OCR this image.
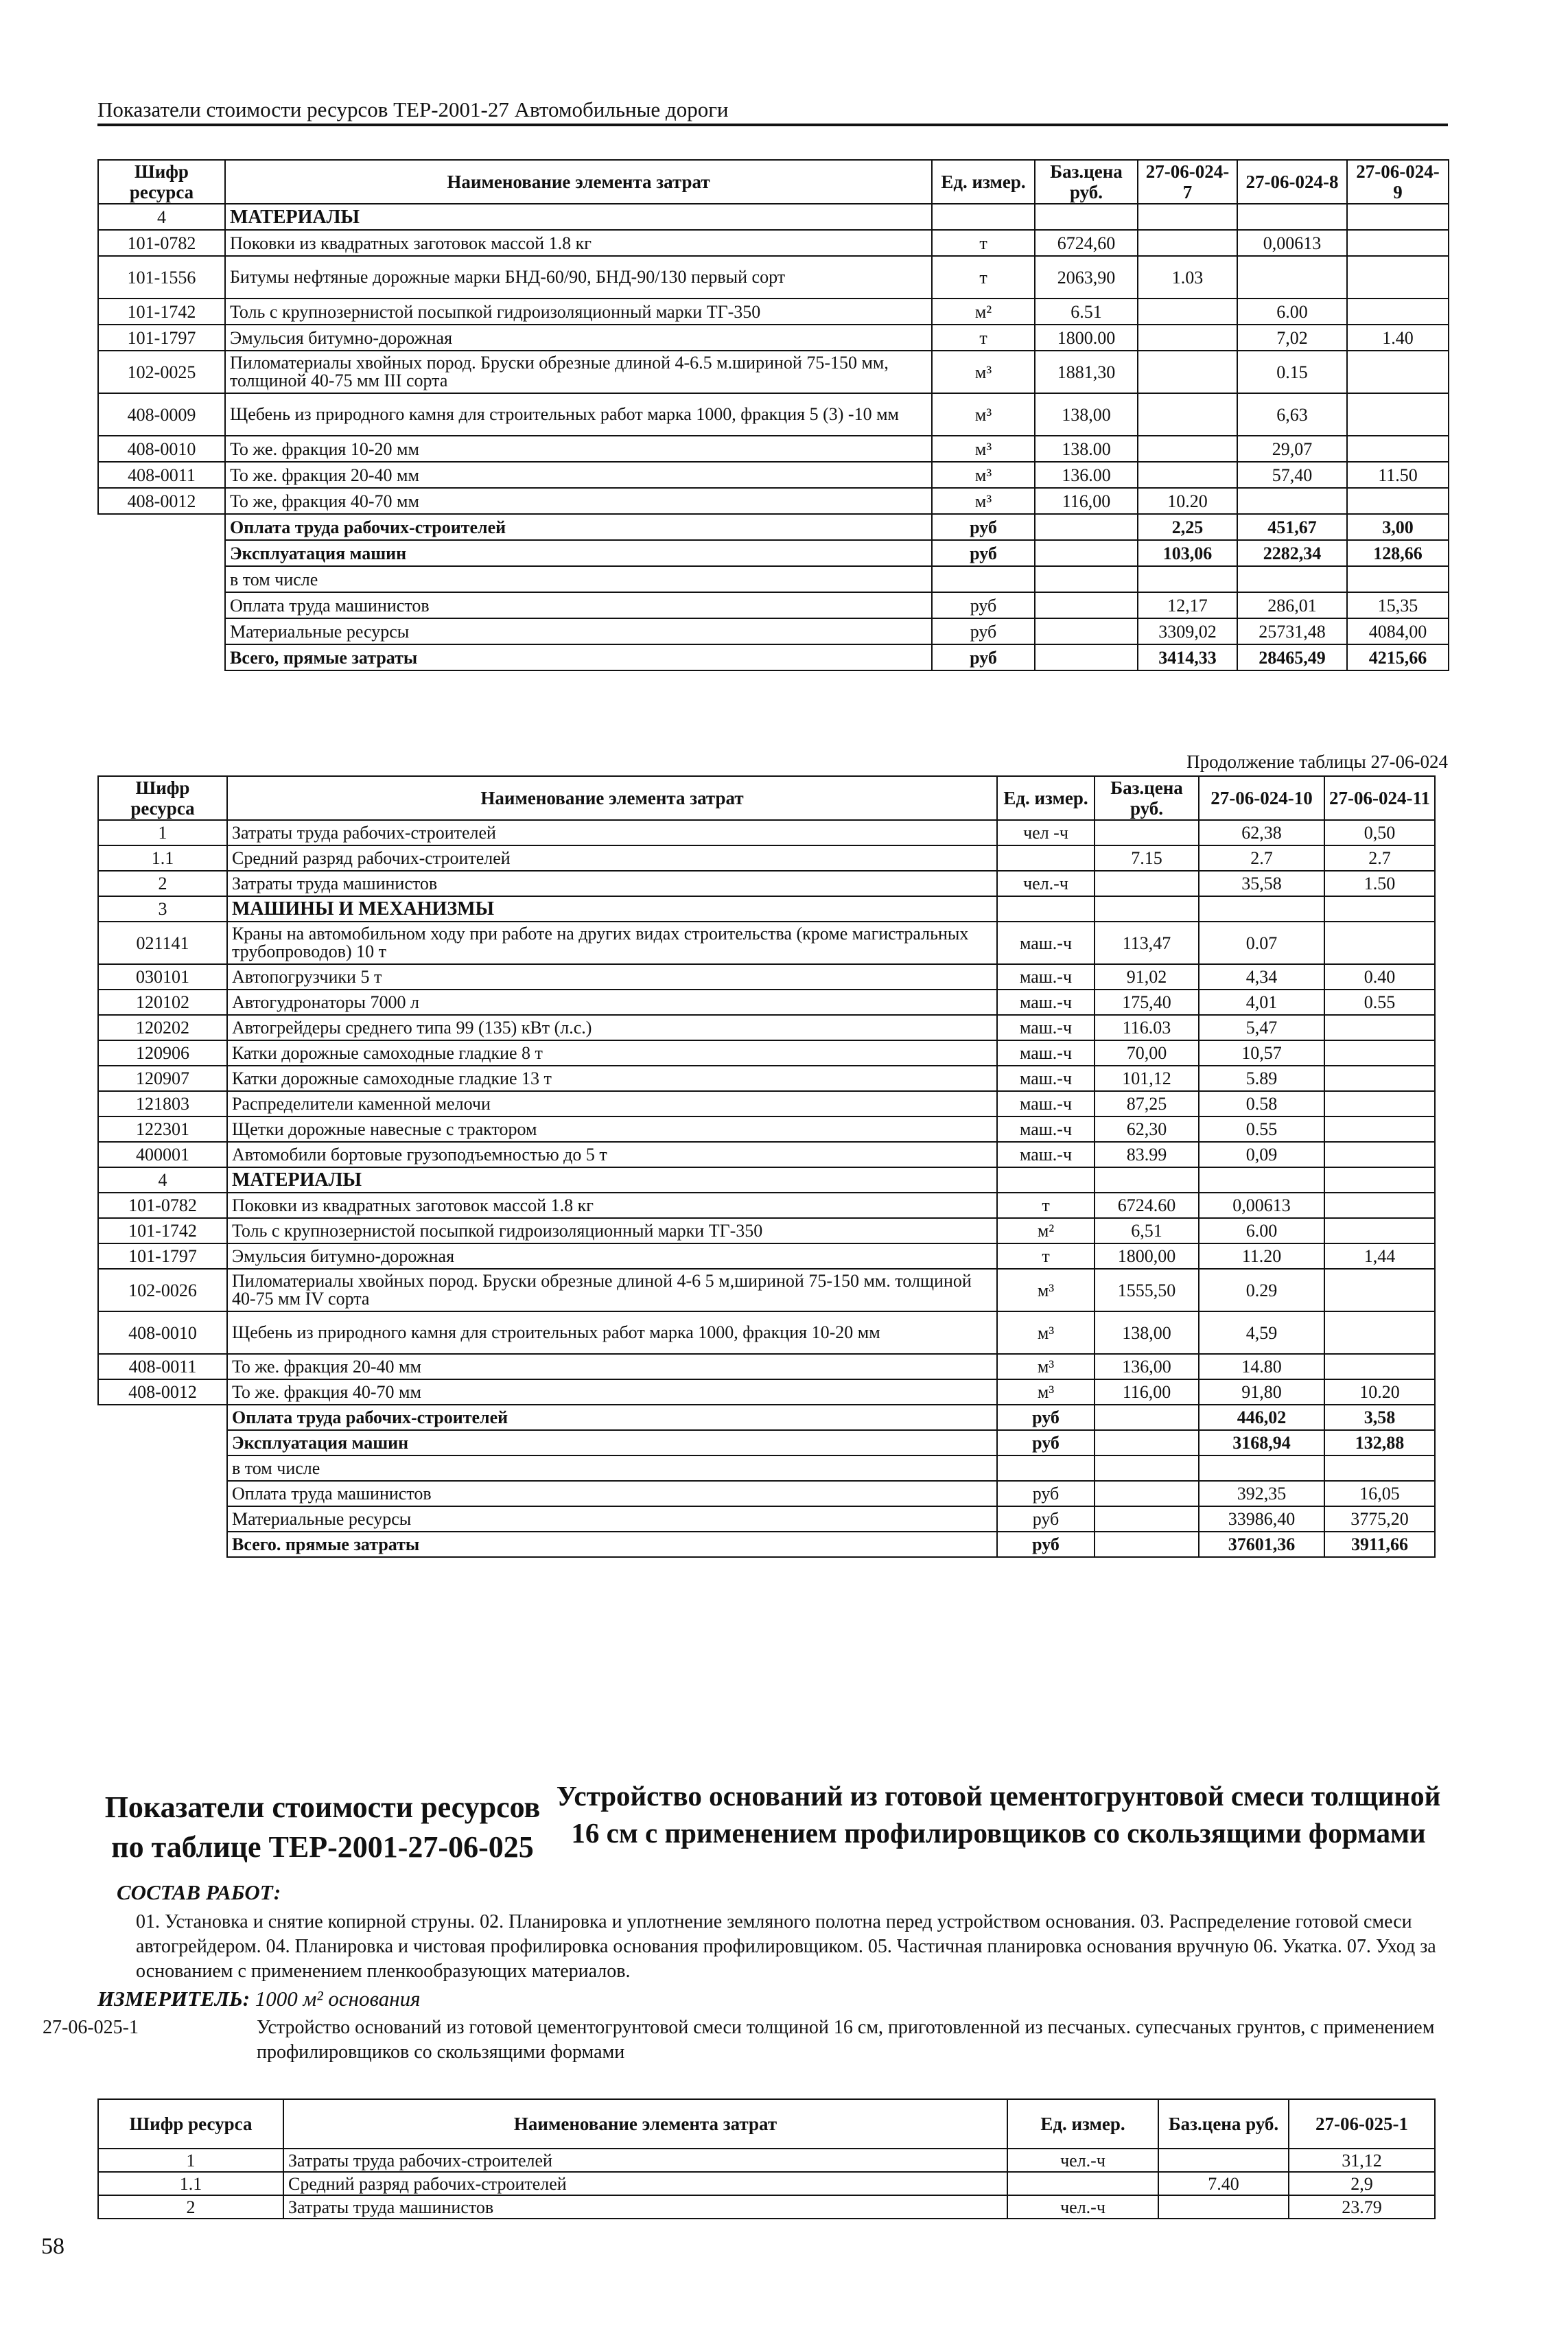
Показатели стоимости ресурсов ТЕР-2001-27 Автомобильные дороги
Шифр ресурса	Наименование элемента затрат	Ед. измер.	Баз.цена руб.	27-06-024-7	27-06-024-8	27-06-024-9
4	МАТЕРИАЛЫ					
101-0782	Поковки из квадратных заготовок массой 1.8 кг	т	6724,60		0,00613	
101-1556	Битумы нефтяные дорожные марки БНД-60/90, БНД-90/130 первый сорт	т	2063,90	1.03		
101-1742	Толь с крупнозернистой посыпкой гидроизоляционный марки ТГ-350	м²	6.51		6.00	
101-1797	Эмульсия битумно-дорожная	т	1800.00		7,02	1.40
102-0025	Пиломатериалы хвойных пород. Бруски обрезные длиной 4-6.5 м.шириной 75-150 мм, толщиной 40-75 мм III сорта	м³	1881,30		0.15	
408-0009	Щебень из природного камня для строительных работ марка 1000, фракция 5 (3) -10 мм	м³	138,00		6,63	
408-0010	То же. фракция 10-20 мм	м³	138.00		29,07	
408-0011	То же. фракция 20-40 мм	м³	136.00		57,40	11.50
408-0012	То же, фракция 40-70 мм	м³	116,00	10.20		
	Оплата труда рабочих-строителей	руб		2,25	451,67	3,00
	Эксплуатация машин	руб		103,06	2282,34	128,66
	в том числе					
	Оплата труда машинистов	руб		12,17	286,01	15,35
	Материальные ресурсы	руб		3309,02	25731,48	4084,00
	Всего, прямые затраты	руб		3414,33	28465,49	4215,66
Продолжение таблицы 27-06-024
Шифр ресурса	Наименование элемента затрат	Ед. измер.	Баз.цена руб.	27-06-024-10	27-06-024-11
1	Затраты труда рабочих-строителей	чел -ч		62,38	0,50
1.1	Средний разряд рабочих-строителей		7.15	2.7	2.7
2	Затраты труда машинистов	чел.-ч		35,58	1.50
3	МАШИНЫ И МЕХАНИЗМЫ				
021141	Краны на автомобильном ходу при работе на других видах строительства (кроме магистральных трубопроводов) 10 т	маш.-ч	113,47	0.07	
030101	Автопогрузчики 5 т	маш.-ч	91,02	4,34	0.40
120102	Автогудронаторы 7000 л	маш.-ч	175,40	4,01	0.55
120202	Автогрейдеры среднего типа 99 (135) кВт (л.с.)	маш.-ч	116.03	5,47	
120906	Катки дорожные самоходные гладкие 8 т	маш.-ч	70,00	10,57	
120907	Катки дорожные самоходные гладкие 13 т	маш.-ч	101,12	5.89	
121803	Распределители каменной мелочи	маш.-ч	87,25	0.58	
122301	Щетки дорожные навесные с трактором	маш.-ч	62,30	0.55	
400001	Автомобили бортовые грузоподъемностью до 5 т	маш.-ч	83.99	0,09	
4	МАТЕРИАЛЫ				
101-0782	Поковки из квадратных заготовок массой 1.8 кг	т	6724.60	0,00613	
101-1742	Толь с крупнозернистой посыпкой гидроизоляционный марки ТГ-350	м²	6,51	6.00	
101-1797	Эмульсия битумно-дорожная	т	1800,00	11.20	1,44
102-0026	Пиломатериалы хвойных пород. Бруски обрезные длиной 4-6 5 м,шириной 75-150 мм. толщиной 40-75 мм IV сорта	м³	1555,50	0.29	
408-0010	Щебень из природного камня для строительных работ марка 1000, фракция 10-20 мм	м³	138,00	4,59	
408-0011	То же. фракция 20-40 мм	м³	136,00	14.80	
408-0012	То же. фракция 40-70 мм	м³	116,00	91,80	10.20
	Оплата труда рабочих-строителей	руб		446,02	3,58
	Эксплуатация машин	руб		3168,94	132,88
	в том числе				
	Оплата труда машинистов	руб		392,35	16,05
	Материальные ресурсы	руб		33986,40	3775,20
	Всего. прямые затраты	руб		37601,36	3911,66
Показатели стоимости ресурсов по таблице ТЕР-2001-27-06-025
Устройство оснований из готовой цементогрунтовой смеси толщиной 16 см с применением профилировщиков со скользящими формами
СОСТАВ РАБОТ:
01. Установка и снятие копирной струны. 02. Планировка и уплотнение земляного полотна перед устройством основания. 03. Распределение готовой смеси автогрейдером. 04. Планировка и чистовая профилировка основания профилировщиком. 05. Частичная планировка основания вручную 06. Укатка. 07. Уход за основанием с применением пленкообразующих материалов.
ИЗМЕРИТЕЛЬ: 1000 м² основания
27-06-025-1	Устройство оснований из готовой цементогрунтовой смеси толщиной 16 см, приготовленной из песчаных. супесчаных грунтов, с применением профилировщиков со скользящими формами
Шифр ресурса	Наименование элемента затрат	Ед. измер.	Баз.цена руб.	27-06-025-1
1	Затраты труда рабочих-строителей	чел.-ч		31,12
1.1	Средний разряд рабочих-строителей		7.40	2,9
2	Затраты труда машинистов	чел.-ч		23.79
58
